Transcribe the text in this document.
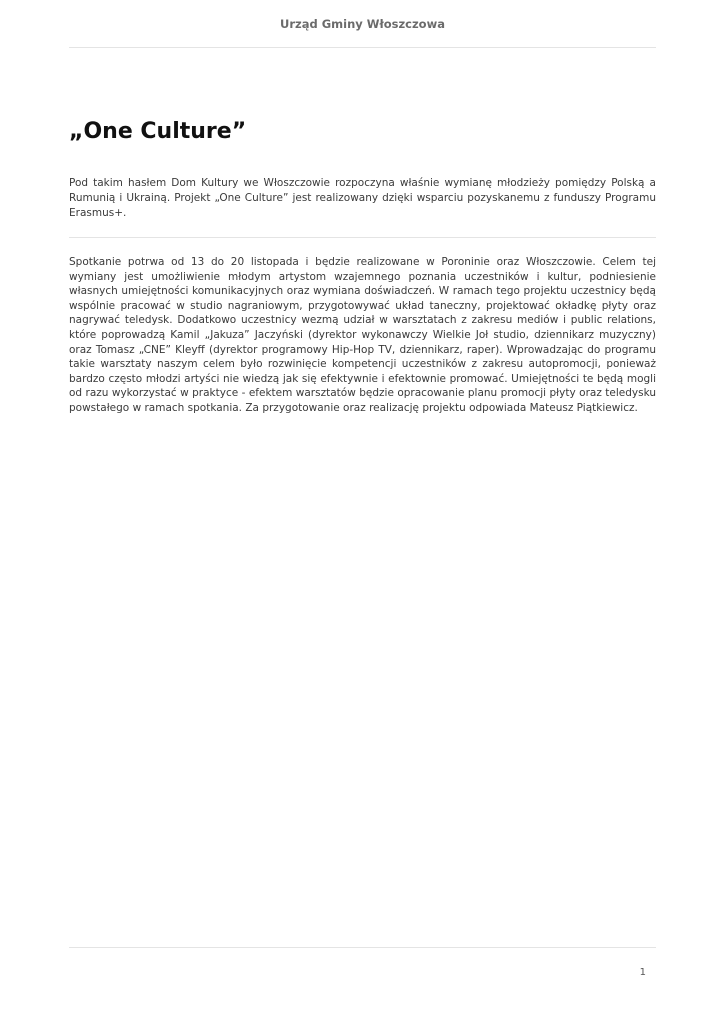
Urząd Gminy Włoszczowa
„One Culture”

Pod takim hasłem Dom Kultury we Włoszczowie rozpoczyna właśnie wymianę młodzieży pomiędzy Polską a Rumunią i Ukrainą. Projekt „One Culture” jest realizowany dzięki wsparciu pozyskanemu z funduszy Programu Erasmus+.

Spotkanie potrwa od 13 do 20 listopada i będzie realizowane w Poroninie oraz Włoszczowie. Celem tej wymiany jest umożliwienie młodym artystom wzajemnego poznania uczestników i kultur, podniesienie własnych umiejętności komunikacyjnych oraz wymiana doświadczeń. W ramach tego projektu uczestnicy będą wspólnie pracować w studio nagraniowym, przygotowywać układ taneczny, projektować okładkę płyty oraz nagrywać teledysk. Dodatkowo uczestnicy wezmą udział w warsztatach z zakresu mediów i public relations, które poprowadzą Kamil „Jakuza” Jaczyński (dyrektor wykonawczy Wielkie Joł studio, dziennikarz muzyczny) oraz Tomasz „CNE” Kleyff (dyrektor programowy Hip-Hop TV, dziennikarz, raper). Wprowadzając do programu takie warsztaty naszym celem było rozwinięcie kompetencji uczestników z zakresu autopromocji, ponieważ bardzo często młodzi artyści nie wiedzą jak się efektywnie i efektownie promować. Umiejętności te będą mogli od razu wykorzystać w praktyce - efektem warsztatów będzie opracowanie planu promocji płyty oraz teledysku powstałego w ramach spotkania. Za przygotowanie oraz realizację projektu odpowiada Mateusz Piątkiewicz.

1
